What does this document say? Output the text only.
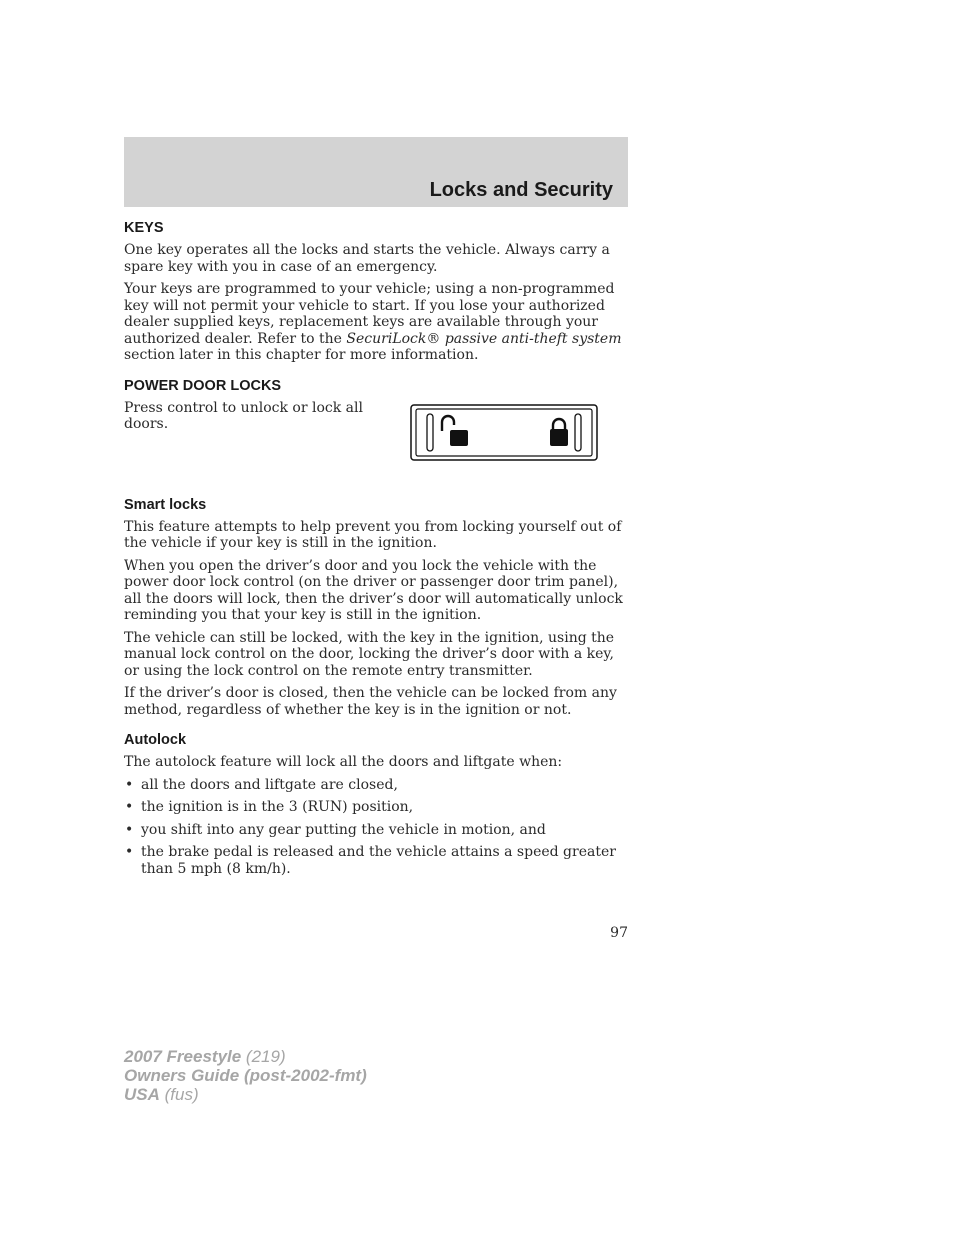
Locks and Security
KEYS

One key operates all the locks and starts the vehicle. Always carry a spare key with you in case of an emergency.

Your keys are programmed to your vehicle; using a non-programmed key will not permit your vehicle to start. If you lose your authorized dealer supplied keys, replacement keys are available through your authorized dealer. Refer to the SecuriLock® passive anti-theft system section later in this chapter for more information.

POWER DOOR LOCKS

Press control to unlock or lock all doors.

Smart locks

This feature attempts to help prevent you from locking yourself out of the vehicle if your key is still in the ignition.

When you open the driver’s door and you lock the vehicle with the power door lock control (on the driver or passenger door trim panel), all the doors will lock, then the driver’s door will automatically unlock reminding you that your key is still in the ignition.

The vehicle can still be locked, with the key in the ignition, using the manual lock control on the door, locking the driver’s door with a key, or using the lock control on the remote entry transmitter.

If the driver’s door is closed, then the vehicle can be locked from any method, regardless of whether the key is in the ignition or not.

Autolock

The autolock feature will lock all the doors and liftgate when:

• all the doors and liftgate are closed,
• the ignition is in the 3 (RUN) position,
• you shift into any gear putting the vehicle in motion, and
• the brake pedal is released and the vehicle attains a speed greater than 5 mph (8 km/h).
97
2007 Freestyle (219)
Owners Guide (post-2002-fmt)
USA (fus)
